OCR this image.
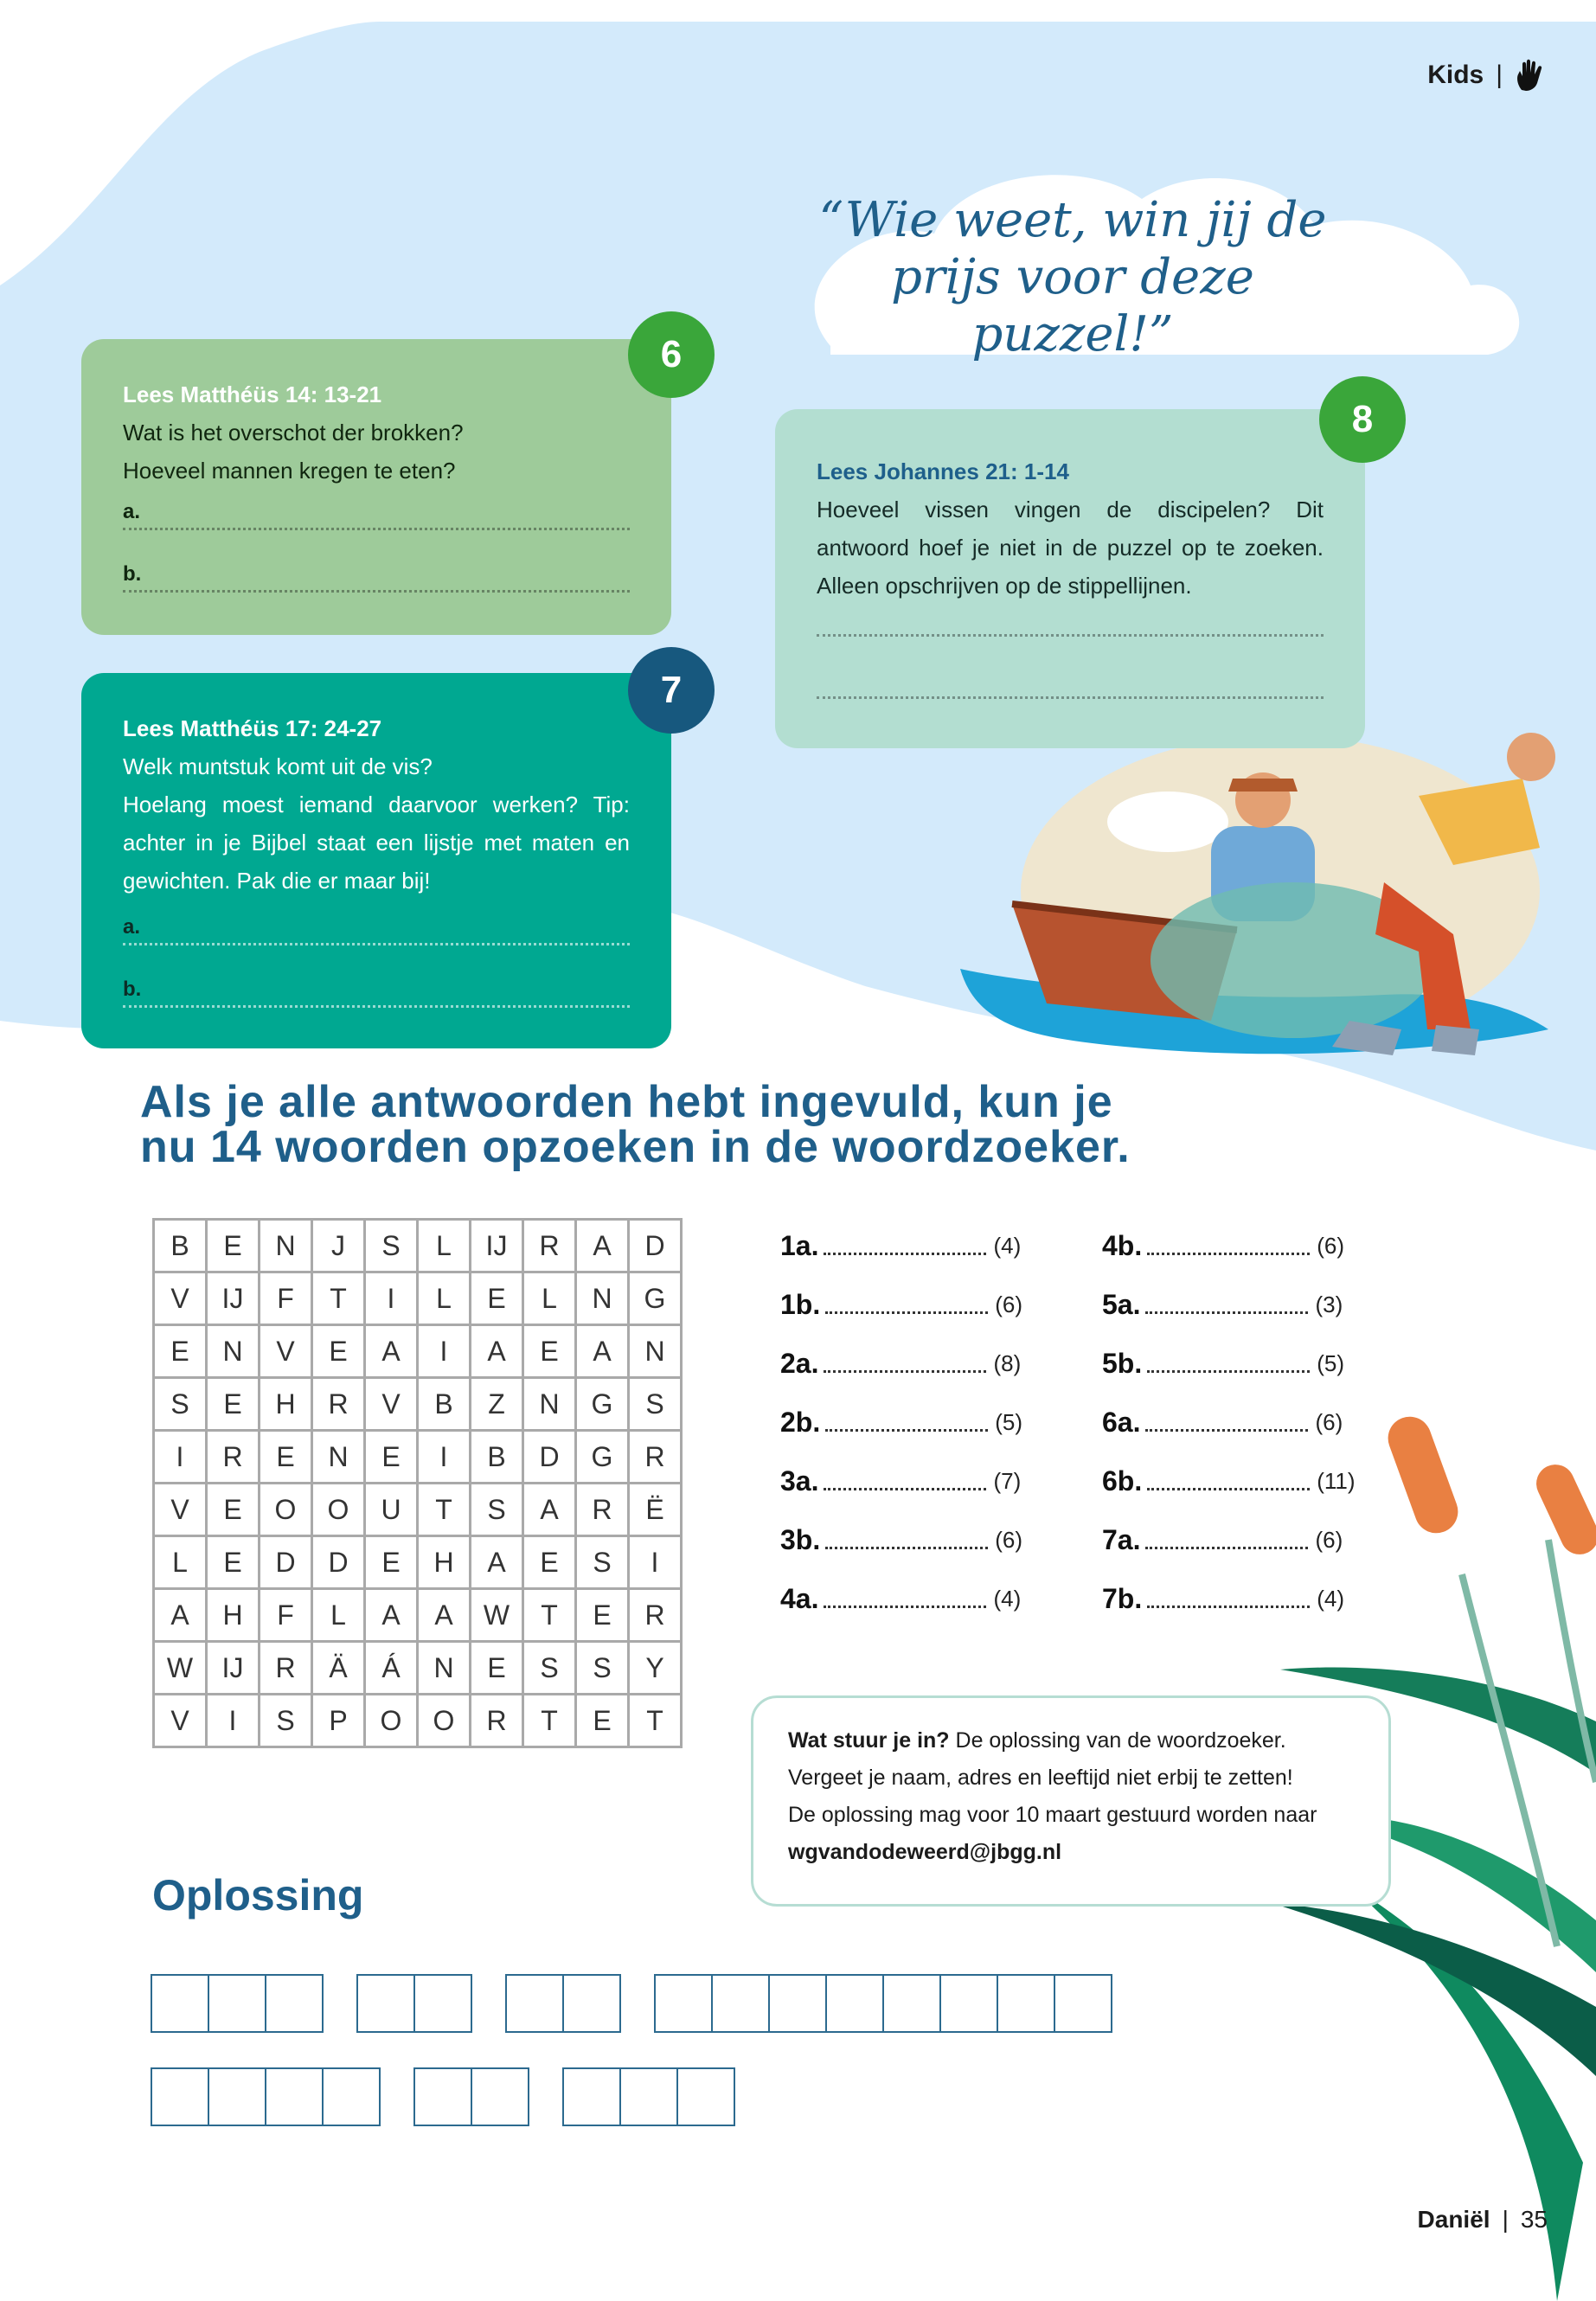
Kids |
“Wie weet, win jij de prijs voor deze puzzel!”

Lees Matthéüs 14: 13-21

Wat is het overschot der brokken?

Hoeveel mannen kregen te eten?

a.
b.
6

Lees Matthéüs 17: 24-27

Welk muntstuk komt uit de vis?

Hoelang moest iemand daarvoor werken? Tip: achter in je Bijbel staat een lijstje met maten en gewichten. Pak die er maar bij!

a.
b.
7

Lees Johannes 21: 1-14

Hoeveel vissen vingen de discipelen? Dit antwoord hoef je niet in de puzzel op te zoeken. Alleen opschrijven op de stippellijnen.

8
Als je alle antwoorden hebt ingevuld, kun je
nu 14 woorden opzoeken in de woordzoeker.
B	E	N	J	S	L	IJ	R	A	D
V	IJ	F	T	I	L	E	L	N	G
E	N	V	E	A	I	A	E	A	N
S	E	H	R	V	B	Z	N	G	S
I	R	E	N	E	I	B	D	G	R
V	E	O	O	U	T	S	A	R	Ë
L	E	D	D	E	H	A	E	S	I
A	H	F	L	A	A	W	T	E	R
W	IJ	R	Ä	Á	N	E	S	S	Y
V	I	S	P	O	O	R	T	E	T
1a.	(4)
1b.	(6)
2a.	(8)
2b.	(5)
3a.	(7)
3b.	(6)
4a.	(4)
4b.	(6)
5a.	(3)
5b.	(5)
6a.	(6)
6b.	(11)
7a.	(6)
7b.	(4)
Wat stuur je in? De oplossing van de woordzoeker.
Vergeet je naam, adres en leeftijd niet erbij te zetten!
De oplossing mag voor 10 maart gestuurd worden naar
wgvandodeweerd@jbgg.nl
Oplossing
Daniël | 35
